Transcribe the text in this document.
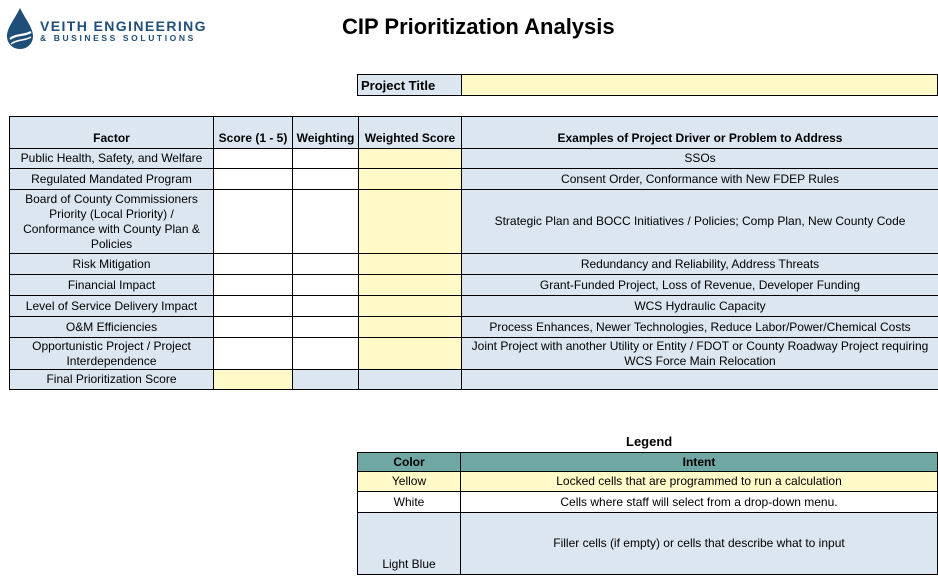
VEITH ENGINEERING
& BUSINESS SOLUTIONS	CIP Prioritization Analysis
Project Title	
Factor	Score (1 - 5)	Weighting	Weighted Score	Examples of Project Driver or Problem to Address
Public Health, Safety, and Welfare				SSOs
Regulated Mandated Program				Consent Order, Conformance with New FDEP Rules
Board of County Commissioners Priority (Local Priority) / Conformance with County Plan & Policies				Strategic Plan and BOCC Initiatives / Policies; Comp Plan, New County Code
Risk Mitigation				Redundancy and Reliability, Address Threats
Financial Impact				Grant-Funded Project, Loss of Revenue, Developer Funding
Level of Service Delivery Impact				WCS Hydraulic Capacity
O&M Efficiencies				Process Enhances, Newer Technologies, Reduce Labor/Power/Chemical Costs
Opportunistic Project / Project Interdependence				Joint Project with another Utility or Entity / FDOT or County Roadway Project requiring WCS Force Main Relocation
Final Prioritization Score				
Legend
Color	Intent
Yellow	Locked cells that are programmed to run a calculation
White	Cells where staff will select from a drop-down menu.
Light Blue	Filler cells (if empty) or cells that describe what to input
